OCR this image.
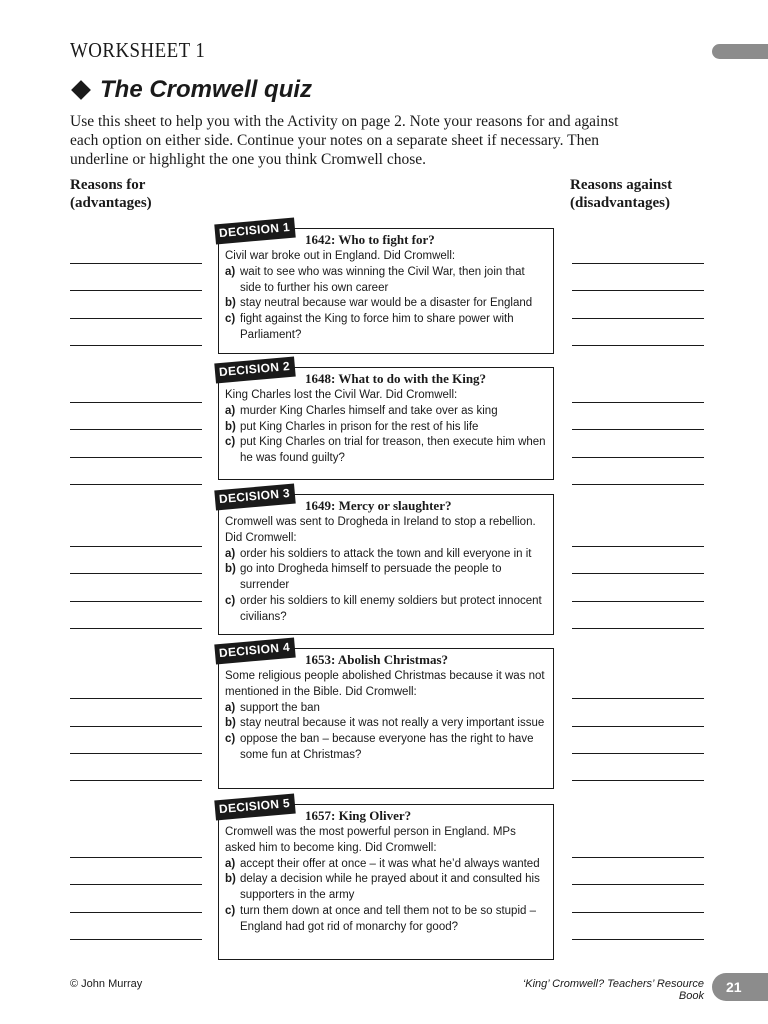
WORKSHEET 1
The Cromwell quiz
Use this sheet to help you with the Activity on page 2. Note your reasons for and against each option on either side. Continue your notes on a separate sheet if necessary. Then underline or highlight the one you think Cromwell chose.
Reasons for
(advantages)
Reasons against
(disadvantages)
DECISION 1	1642: Who to fight for?
Civil war broke out in England. Did Cromwell:
a) wait to see who was winning the Civil War, then join that side to further his own career
b) stay neutral because war would be a disaster for England
c) fight against the King to force him to share power with Parliament?
DECISION 2	1648: What to do with the King?
King Charles lost the Civil War. Did Cromwell:
a) murder King Charles himself and take over as king
b) put King Charles in prison for the rest of his life
c) put King Charles on trial for treason, then execute him when he was found guilty?
DECISION 3	1649: Mercy or slaughter?
Cromwell was sent to Drogheda in Ireland to stop a rebellion. Did Cromwell:
a) order his soldiers to attack the town and kill everyone in it
b) go into Drogheda himself to persuade the people to surrender
c) order his soldiers to kill enemy soldiers but protect innocent civilians?
DECISION 4	1653: Abolish Christmas?
Some religious people abolished Christmas because it was not mentioned in the Bible. Did Cromwell:
a) support the ban
b) stay neutral because it was not really a very important issue
c) oppose the ban – because everyone has the right to have some fun at Christmas?
DECISION 5	1657: King Oliver?
Cromwell was the most powerful person in England. MPs asked him to become king. Did Cromwell:
a) accept their offer at once – it was what he’d always wanted
b) delay a decision while he prayed about it and consulted his supporters in the army
c) turn them down at once and tell them not to be so stupid – England had got rid of monarchy for good?
© John Murray	‘King’ Cromwell? Teachers’ Resource Book
21
